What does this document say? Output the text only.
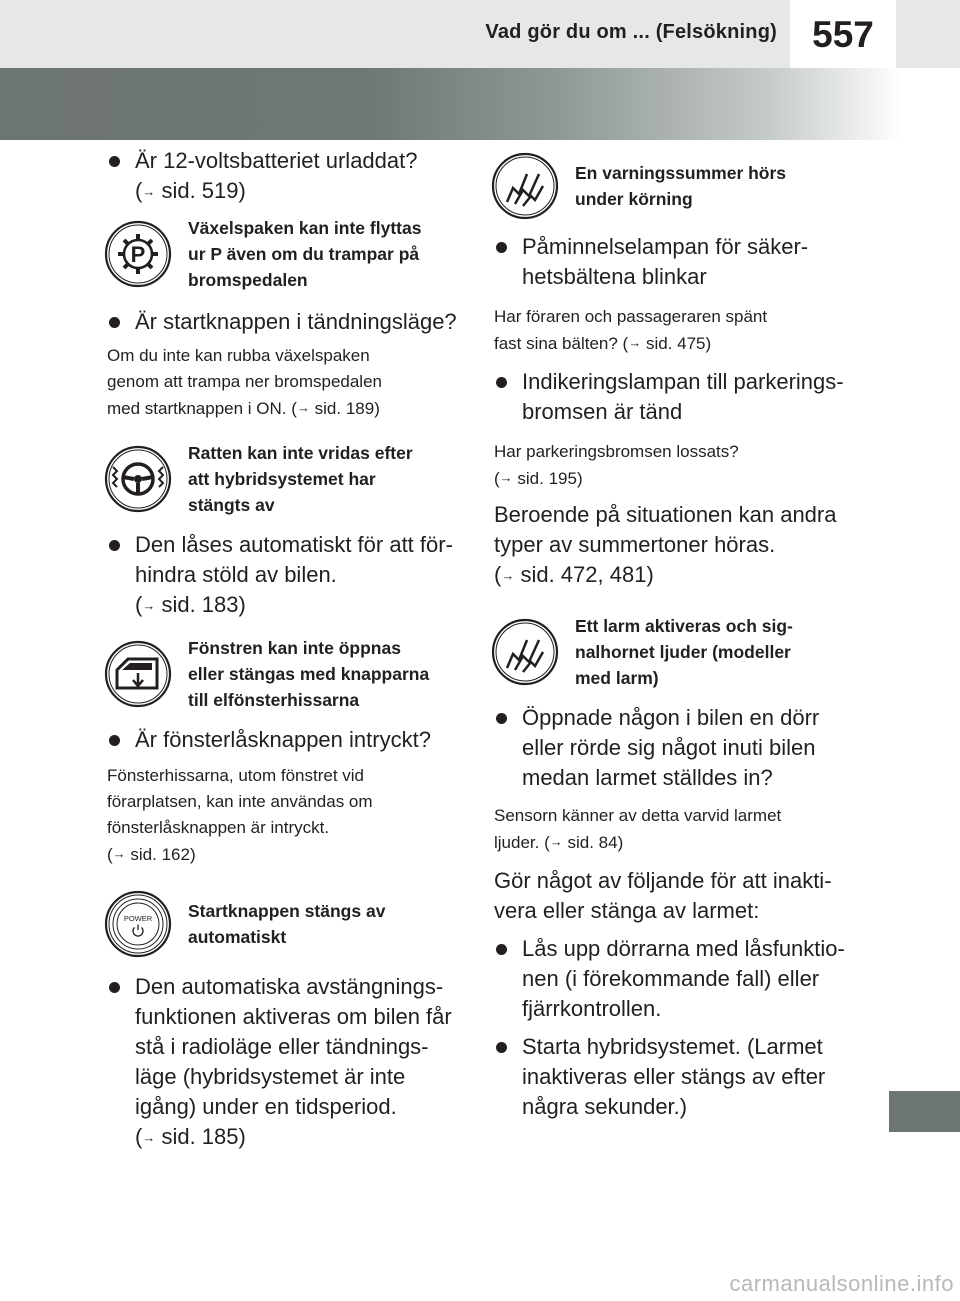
Vad gör du om ... (Felsökning) 557
Är 12-voltsbatteriet urladdat?
(→ sid. 519)
P
Växelspaken kan inte flyttas
ur P även om du trampar på
bromspedalen
Är startknappen i tändningsläge?
Om du inte kan rubba växelspaken
genom att trampa ner bromspedalen
med startknappen i ON. (→ sid. 189)
Ratten kan inte vridas efter
att hybridsystemet har
stängts av
Den låses automatiskt för att för-
hindra stöld av bilen.
(→ sid. 183)
Fönstren kan inte öppnas
eller stängas med knapparna
till elfönsterhissarna
Är fönsterlåsknappen intryckt?
Fönsterhissarna, utom fönstret vid
förarplatsen, kan inte användas om
fönsterlåsknappen är intryckt.
(→ sid. 162)
POWER Startknappen stängs av
automatiskt
Den automatiska avstängnings-
funktionen aktiveras om bilen får
stå i radioläge eller tändnings-
läge (hybridsystemet är inte
igång) under en tidsperiod.
(→ sid. 185)
En varningssummer hörs
under körning
Påminnelselampan för säker-
hetsbältena blinkar
Har föraren och passageraren spänt
fast sina bälten? (→ sid. 475)
Indikeringslampan till parkerings-
bromsen är tänd
Har parkeringsbromsen lossats?
(→ sid. 195)
Beroende på situationen kan andra
typer av summertoner höras.
(→ sid. 472, 481)
Ett larm aktiveras och sig-
nalhornet ljuder (modeller
med larm)
Öppnade någon i bilen en dörr
eller rörde sig något inuti bilen
medan larmet ställdes in?
Sensorn känner av detta varvid larmet
ljuder. (→ sid. 84)
Gör något av följande för att inakti-
vera eller stänga av larmet:
Lås upp dörrarna med låsfunktio-
nen (i förekommande fall) eller
fjärrkontrollen.
Starta hybridsystemet. (Larmet
inaktiveras eller stängs av efter
några sekunder.)
carmanualsonline.info
